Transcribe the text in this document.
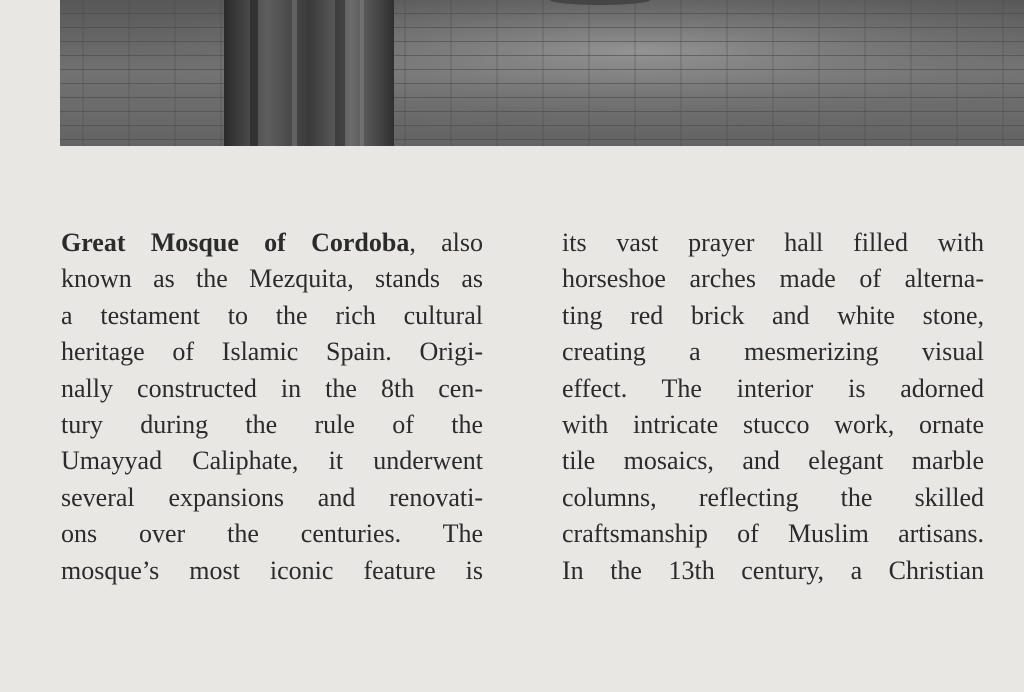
Great Mosque of Cordoba, also
known as the Mezquita, stands as
a testament to the rich cultural
heritage of Islamic Spain. Origi-
nally constructed in the 8th cen-
tury during the rule of the
Umayyad Caliphate, it underwent
several expansions and renovati-
ons over the centuries. The
mosque’s most iconic feature is
its vast prayer hall filled with
horseshoe arches made of alterna-
ting red brick and white stone,
creating a mesmerizing visual
effect. The interior is adorned
with intricate stucco work, ornate
tile mosaics, and elegant marble
columns, reflecting the skilled
craftsmanship of Muslim artisans.
In the 13th century, a Christian
